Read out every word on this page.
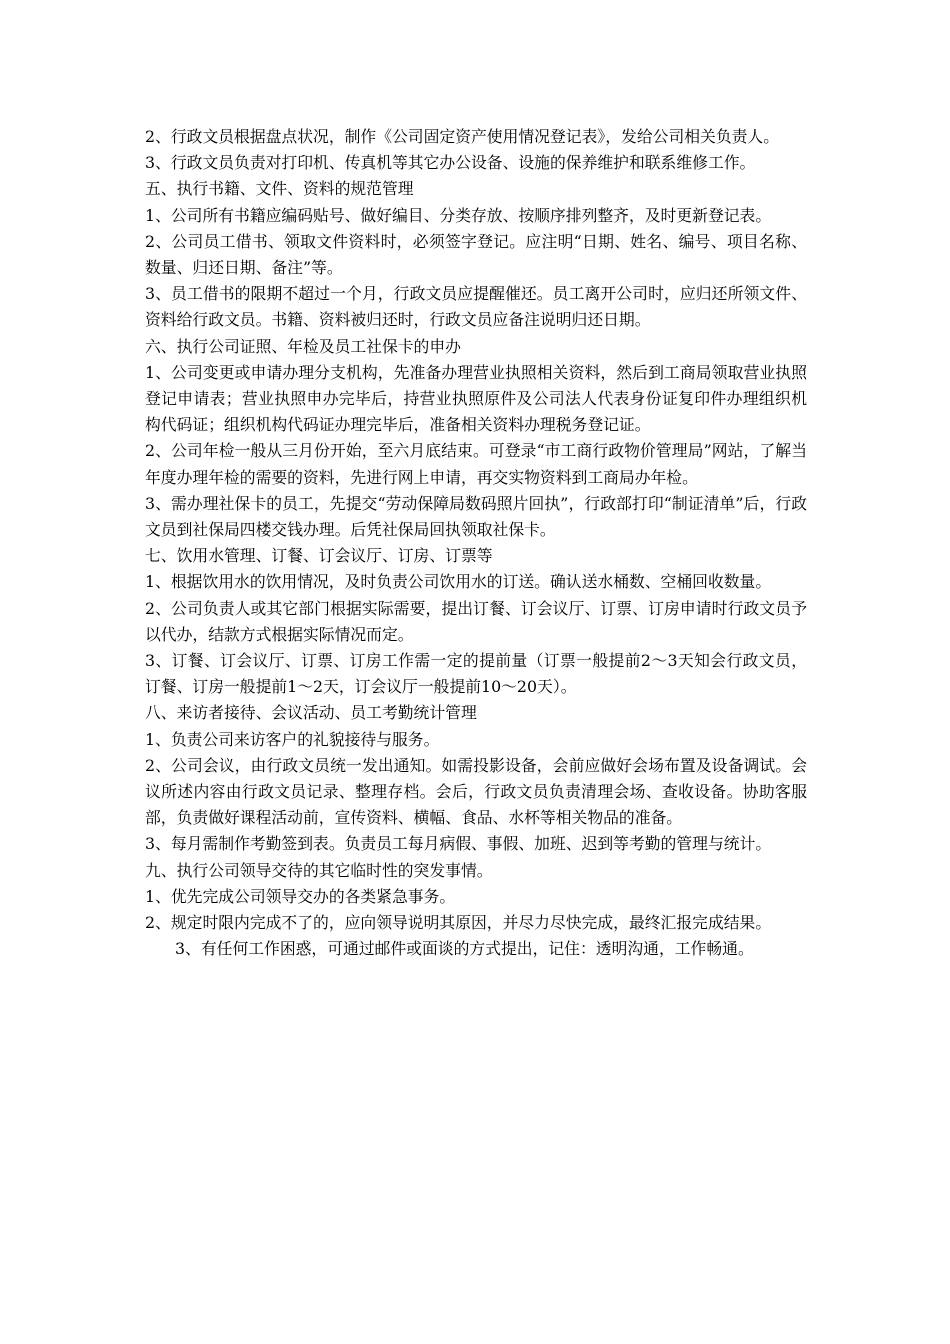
2、行政文员根据盘点状况，制作《公司固定资产使用情况登记表》，发给公司相关负责人。

3、行政文员负责对打印机、传真机等其它办公设备、设施的保养维护和联系维修工作。

五、执行书籍、文件、资料的规范管理

1、公司所有书籍应编码贴号、做好编目、分类存放、按顺序排列整齐，及时更新登记表。

2、公司员工借书、领取文件资料时，必须签字登记。应注明“日期、姓名、编号、项目名称、数量、归还日期、备注”等。

3、员工借书的限期不超过一个月，行政文员应提醒催还。员工离开公司时，应归还所领文件、资料给行政文员。书籍、资料被归还时，行政文员应备注说明归还日期。

六、执行公司证照、年检及员工社保卡的申办

1、公司变更或申请办理分支机构，先准备办理营业执照相关资料，然后到工商局领取营业执照登记申请表；营业执照申办完毕后，持营业执照原件及公司法人代表身份证复印件办理组织机构代码证；组织机构代码证办理完毕后，准备相关资料办理税务登记证。

2、公司年检一般从三月份开始，至六月底结束。可登录“市工商行政物价管理局”网站，了解当年度办理年检的需要的资料，先进行网上申请，再交实物资料到工商局办年检。

3、需办理社保卡的员工，先提交“劳动保障局数码照片回执”，行政部打印“制证清单”后，行政文员到社保局四楼交钱办理。后凭社保局回执领取社保卡。

七、饮用水管理、订餐、订会议厅、订房、订票等

1、根据饮用水的饮用情况，及时负责公司饮用水的订送。确认送水桶数、空桶回收数量。

2、公司负责人或其它部门根据实际需要，提出订餐、订会议厅、订票、订房申请时行政文员予以代办，结款方式根据实际情况而定。

3、订餐、订会议厅、订票、订房工作需一定的提前量（订票一般提前2～3天知会行政文员，订餐、订房一般提前1～2天，订会议厅一般提前10～20天）。

八、来访者接待、会议活动、员工考勤统计管理

1、负责公司来访客户的礼貌接待与服务。

2、公司会议，由行政文员统一发出通知。如需投影设备，会前应做好会场布置及设备调试。会议所述内容由行政文员记录、整理存档。会后，行政文员负责清理会场、查收设备。协助客服部，负责做好课程活动前，宣传资料、横幅、食品、水杯等相关物品的准备。

3、每月需制作考勤签到表。负责员工每月病假、事假、加班、迟到等考勤的管理与统计。

九、执行公司领导交待的其它临时性的突发事情。

1、优先完成公司领导交办的各类紧急事务。

2、规定时限内完成不了的，应向领导说明其原因，并尽力尽快完成，最终汇报完成结果。

3、有任何工作困惑，可通过邮件或面谈的方式提出，记住：透明沟通，工作畅通。
